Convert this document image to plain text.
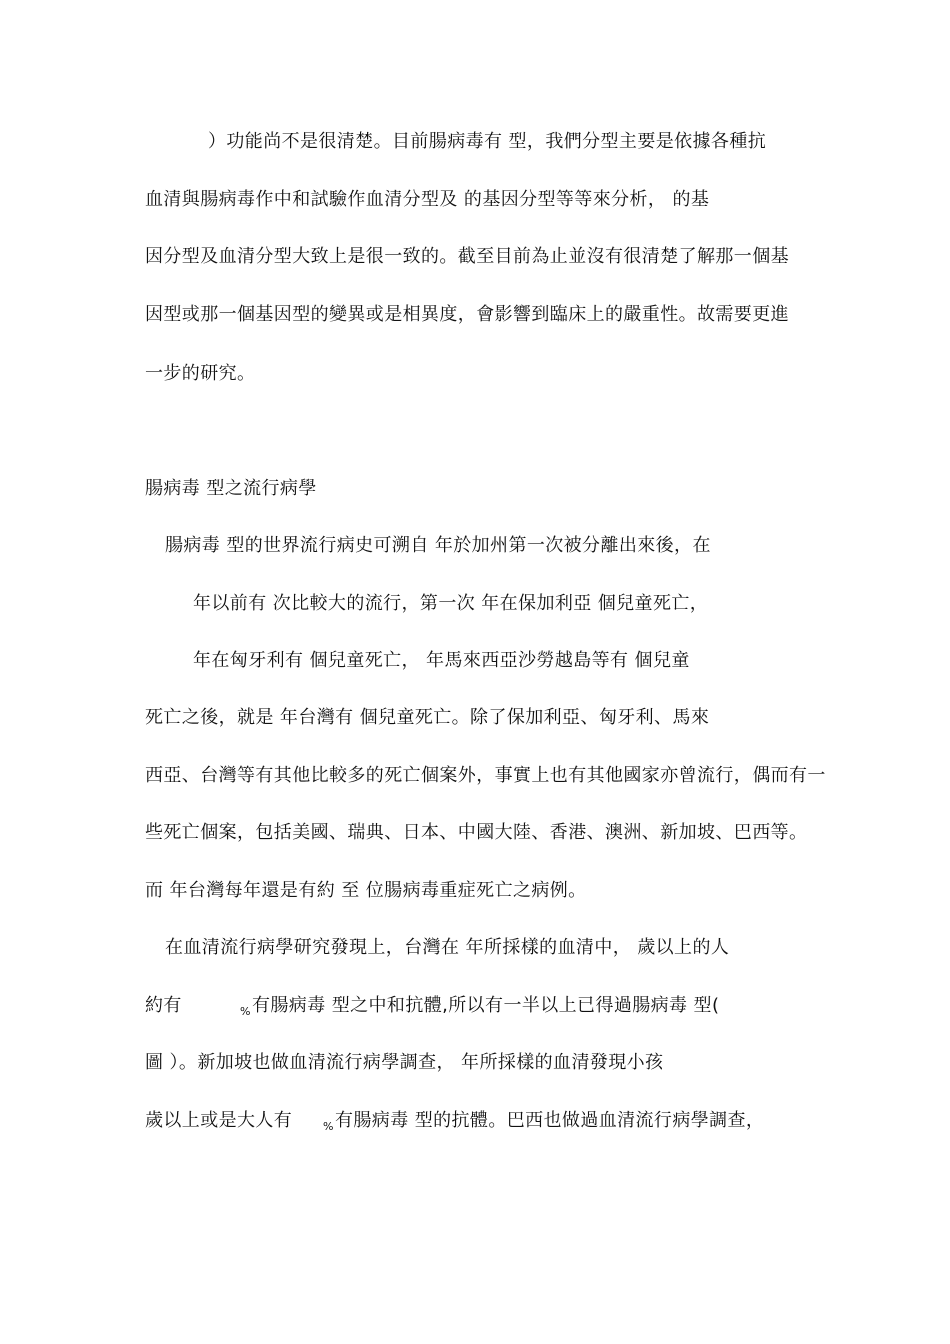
）功能尚不是很清楚。目前腸病毒有 型，我們分型主要是依據各種抗
血清與腸病毒作中和試驗作血清分型及 的基因分型等等來分析， 的基
因分型及血清分型大致上是很一致的。截至目前為止並沒有很清楚了解那一個基
因型或那一個基因型的變異或是相異度，會影響到臨床上的嚴重性。故需要更進
一步的研究。
腸病毒 型之流行病學
腸病毒 型的世界流行病史可溯自 年於加州第一次被分離出來後，在
年以前有 次比較大的流行，第一次 年在保加利亞 個兒童死亡，
年在匈牙利有 個兒童死亡， 年馬來西亞沙勞越島等有 個兒童
死亡之後，就是 年台灣有 個兒童死亡。除了保加利亞、匈牙利、馬來
西亞、台灣等有其他比較多的死亡個案外，事實上也有其他國家亦曾流行，偶而有一
些死亡個案，包括美國、瑞典、日本、中國大陸、香港、澳洲、新加坡、巴西等。
而 年台灣每年還是有約 至 位腸病毒重症死亡之病例。
在血清流行病學研究發現上，台灣在 年所採樣的血清中， 歲以上的人
約有	% 有腸病毒 型之中和抗體,所以有一半以上已得過腸病毒 型(
圖 ）。新加坡也做血清流行病學調查， 年所採樣的血清發現小孩
歲以上或是大人有	% 有腸病毒 型的抗體。巴西也做過血清流行病學調查，
